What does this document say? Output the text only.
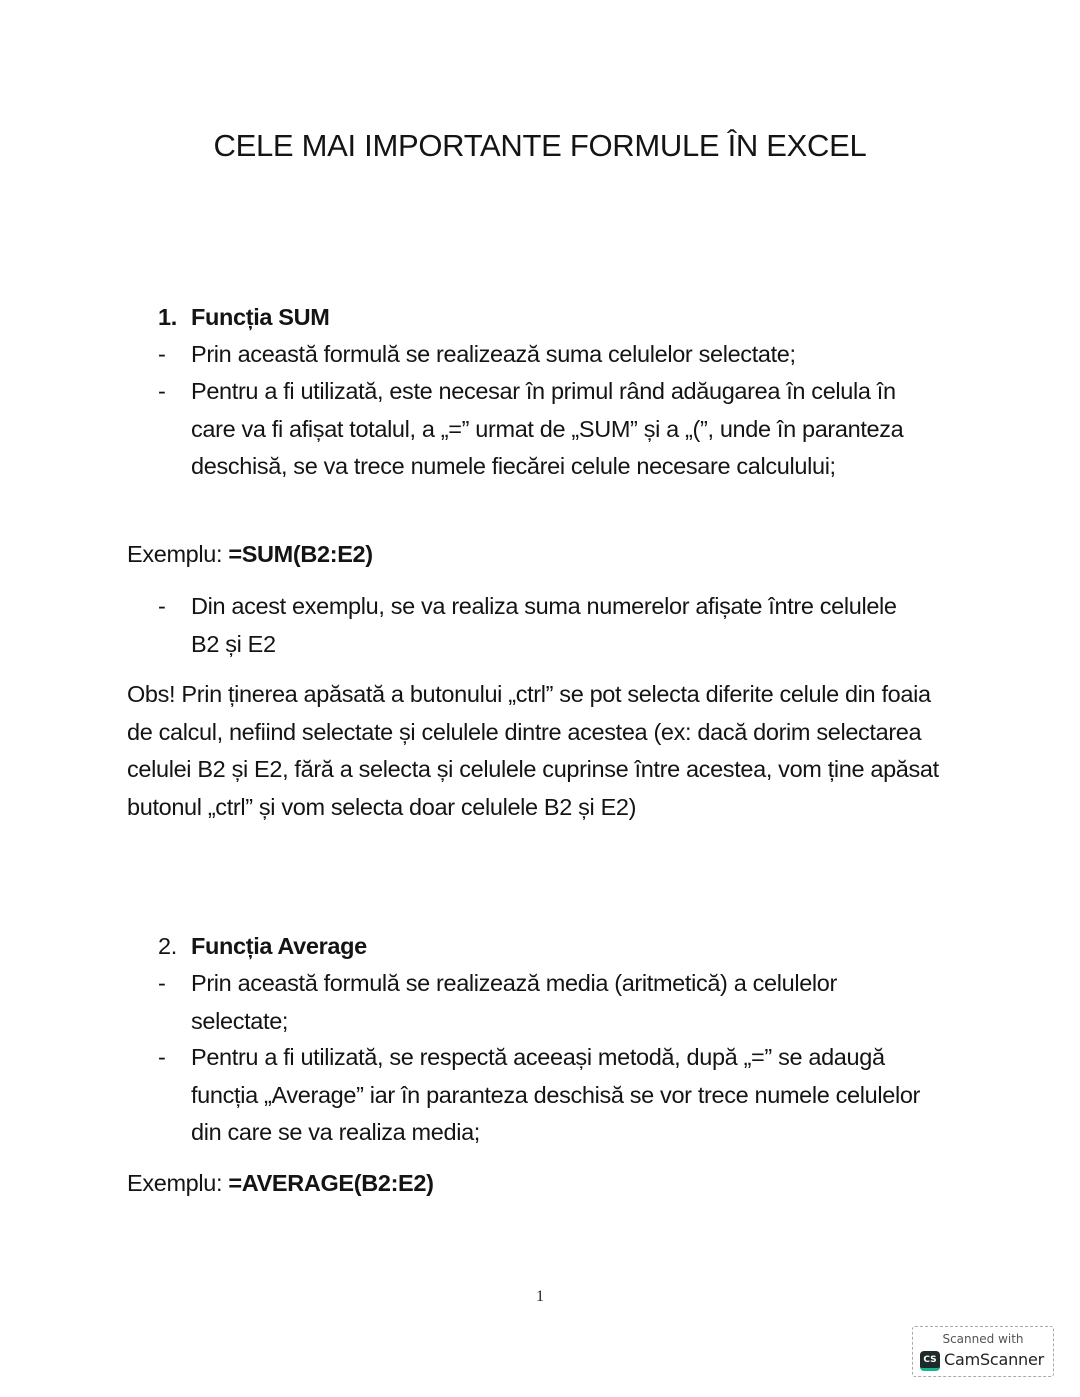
CELE MAI IMPORTANTE FORMULE ÎN EXCEL
1. Funcția SUM
- Prin această formulă se realizează suma celulelor selectate;
- Pentru a fi utilizată, este necesar în primul rând adăugarea în celula în care va fi afișat totalul, a „=” urmat de „SUM” și a „(”, unde în paranteza deschisă, se va trece numele fiecărei celule necesare calculului;
Exemplu: =SUM(B2:E2)
- Din acest exemplu, se va realiza suma numerelor afișate între celulele B2 și E2
Obs! Prin ținerea apăsată a butonului „ctrl” se pot selecta diferite celule din foaia de calcul, nefiind selectate și celulele dintre acestea (ex: dacă dorim selectarea celulei B2 și E2, fără a selecta și celulele cuprinse între acestea, vom ține apăsat butonul „ctrl” și vom selecta doar celulele B2 și E2)
2. Funcția Average
- Prin această formulă se realizează media (aritmetică) a celulelor selectate;
- Pentru a fi utilizată, se respectă aceeași metodă, după „=” se adaugă funcția „Average” iar în paranteza deschisă se vor trece numele celulelor din care se va realiza media;
Exemplu: =AVERAGE(B2:E2)
1
Scanned with
CS CamScanner
